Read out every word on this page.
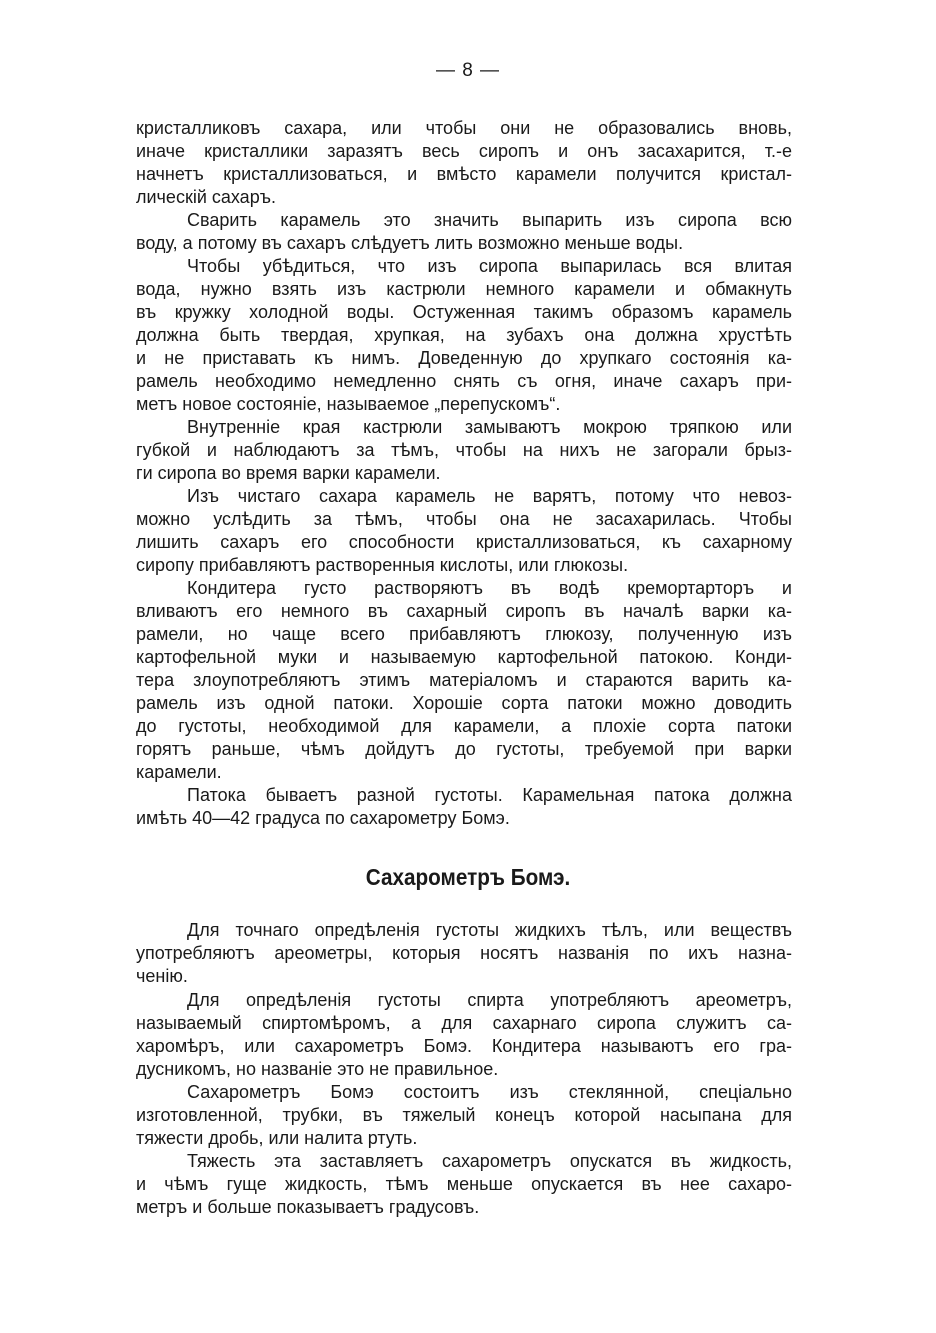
— 8 —
кристалликовъ сахара, или чтобы они не образовались вновь,
иначе кристаллики заразятъ весь сиропъ и онъ засахарится, т.-е
начнетъ кристаллизоваться, и вмѣсто карамели получится кристал-
лическій сахаръ.
Сварить карамель это значить выпарить изъ сиропа всю
воду, а потому въ сахаръ слѣдуетъ лить возможно меньше воды.
Чтобы убѣдиться, что изъ сиропа выпарилась вся влитая
вода, нужно взять изъ кастрюли немного карамели и обмакнуть
въ кружку холодной воды. Остуженная такимъ образомъ карамель
должна быть твердая, хрупкая, на зубахъ она должна хрустѣть
и не приставать къ нимъ. Доведенную до хрупкаго состоянія ка-
рамель необходимо немедленно снять съ огня, иначе сахаръ при-
метъ новое состояніе, называемое „перепускомъ“.
Внутренніе края кастрюли замываютъ мокрою тряпкою или
губкой и наблюдаютъ за тѣмъ, чтобы на нихъ не загорали брыз-
ги сиропа во время варки карамели.
Изъ чистаго сахара карамель не варятъ, потому что невоз-
можно услѣдить за тѣмъ, чтобы она не засахарилась. Чтобы
лишить сахаръ его способности кристаллизоваться, къ сахарному
сиропу прибавляютъ растворенныя кислоты, или глюкозы.
Кондитера густо растворяютъ въ водѣ кремортарторъ и
вливаютъ его немного въ сахарный сиропъ въ началѣ варки ка-
рамели, но чаще всего прибавляютъ глюкозу, полученную изъ
картофельной муки и называемую картофельной патокою. Конди-
тера злоупотребляютъ этимъ матеріаломъ и стараются варить ка-
рамель изъ одной патоки. Хорошіе сорта патоки можно доводить
до густоты, необходимой для карамели, а плохіе сорта патоки
горятъ раньше, чѣмъ дойдутъ до густоты, требуемой при варки
карамели.
Патока бываетъ разной густоты. Карамельная патока должна
имѣть 40—42 градуса по сахарометру Бомэ.
Сахарометръ Бомэ.
Для точнаго опредѣленія густоты жидкихъ тѣлъ, или веществъ
употребляютъ ареометры, которыя носятъ названія по ихъ назна-
ченію.
Для опредѣленія густоты спирта употребляютъ ареометръ,
называемый спиртомѣромъ, а для сахарнаго сиропа служитъ са-
харомѣръ, или сахарометръ Бомэ. Кондитера называютъ его гра-
дусникомъ, но названіе это не правильное.
Сахарометръ Бомэ состоитъ изъ стеклянной, спеціально
изготовленной, трубки, въ тяжелый конецъ которой насыпана для
тяжести дробь, или налита ртуть.
Тяжесть эта заставляетъ сахарометръ опускатся въ жидкость,
и чѣмъ гуще жидкость, тѣмъ меньше опускается въ нее сахаро-
метръ и больше показываетъ градусовъ.
